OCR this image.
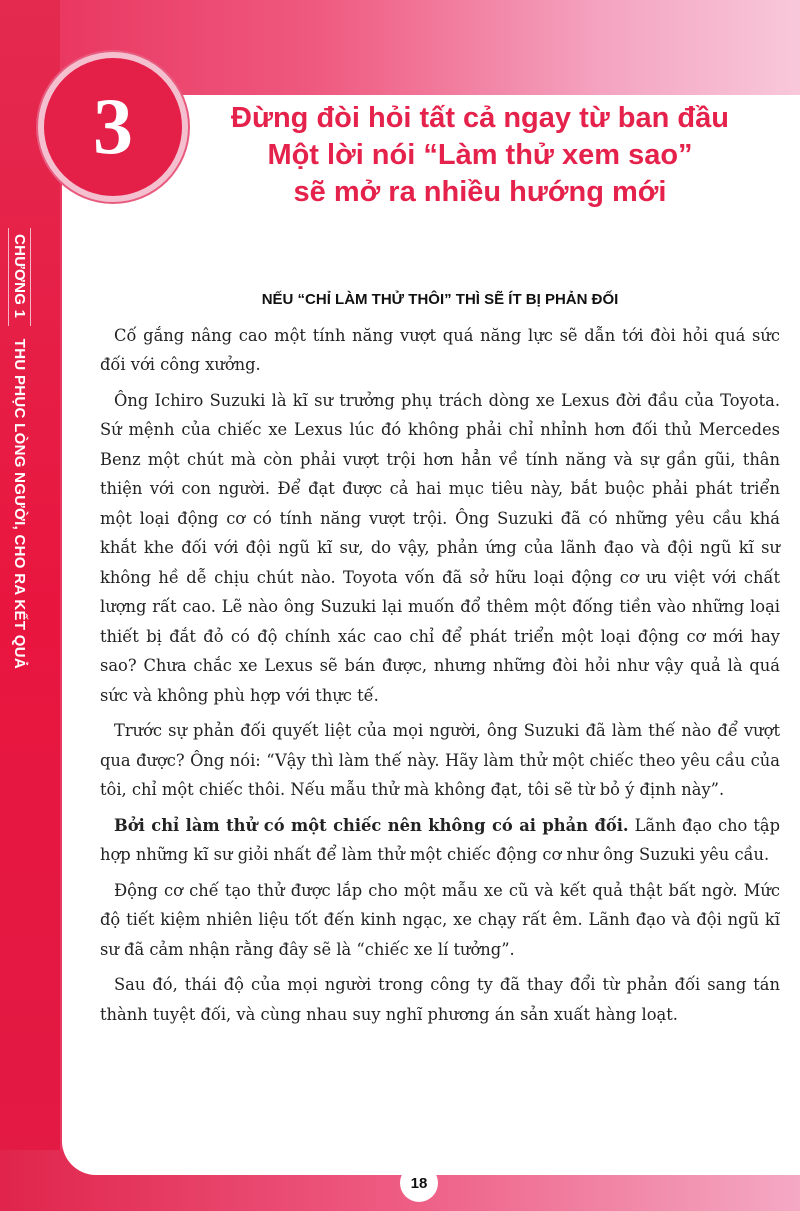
3	Đừng đòi hỏi tất cả ngay từ ban đầu
Một lời nói “Làm thử xem sao”
sẽ mở ra nhiều hướng mới
CHƯƠNG 1 THU PHỤC LÒNG NGƯỜI, CHO RA KẾT QUẢ
NẾU “CHỈ LÀM THỬ THÔI” THÌ SẼ ÍT BỊ PHẢN ĐỐI

Cố gắng nâng cao một tính năng vượt quá năng lực sẽ dẫn tới đòi hỏi quá sức đối với công xưởng.

Ông Ichiro Suzuki là kĩ sư trưởng phụ trách dòng xe Lexus đời đầu của Toyota. Sứ mệnh của chiếc xe Lexus lúc đó không phải chỉ nhỉnh hơn đối thủ Mercedes Benz một chút mà còn phải vượt trội hơn hẳn về tính năng và sự gần gũi, thân thiện với con người. Để đạt được cả hai mục tiêu này, bắt buộc phải phát triển một loại động cơ có tính năng vượt trội. Ông Suzuki đã có những yêu cầu khá khắt khe đối với đội ngũ kĩ sư, do vậy, phản ứng của lãnh đạo và đội ngũ kĩ sư không hề dễ chịu chút nào. Toyota vốn đã sở hữu loại động cơ ưu việt với chất lượng rất cao. Lẽ nào ông Suzuki lại muốn đổ thêm một đống tiền vào những loại thiết bị đắt đỏ có độ chính xác cao chỉ để phát triển một loại động cơ mới hay sao? Chưa chắc xe Lexus sẽ bán được, nhưng những đòi hỏi như vậy quả là quá sức và không phù hợp với thực tế.

Trước sự phản đối quyết liệt của mọi người, ông Suzuki đã làm thế nào để vượt qua được? Ông nói: “Vậy thì làm thế này. Hãy làm thử một chiếc theo yêu cầu của tôi, chỉ một chiếc thôi. Nếu mẫu thử mà không đạt, tôi sẽ từ bỏ ý định này”.

Bởi chỉ làm thử có một chiếc nên không có ai phản đối. Lãnh đạo cho tập hợp những kĩ sư giỏi nhất để làm thử một chiếc động cơ như ông Suzuki yêu cầu.

Động cơ chế tạo thử được lắp cho một mẫu xe cũ và kết quả thật bất ngờ. Mức độ tiết kiệm nhiên liệu tốt đến kinh ngạc, xe chạy rất êm. Lãnh đạo và đội ngũ kĩ sư đã cảm nhận rằng đây sẽ là “chiếc xe lí tưởng”.

Sau đó, thái độ của mọi người trong công ty đã thay đổi từ phản đối sang tán thành tuyệt đối, và cùng nhau suy nghĩ phương án sản xuất hàng loạt.

18
